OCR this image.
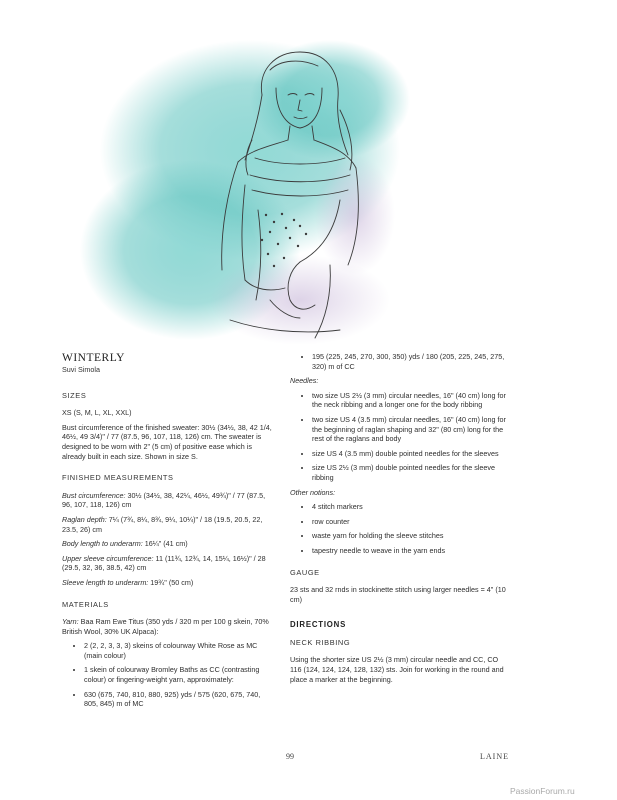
WINTERLY
Suvi Simola
SIZES

XS (S, M, L, XL, XXL)

Bust circumference of the finished sweater: 30½ (34½, 38, 42 1/4, 46½, 49 3/4)" / 77 (87.5, 96, 107, 118, 126) cm. The sweater is designed to be worn with 2" (5 cm) of positive ease which is already built in each size. Shown in size S.

FINISHED MEASUREMENTS

Bust circumference: 30½ (34½, 38, 42¼, 46½, 49¾)" / 77 (87.5, 96, 107, 118, 126) cm

Raglan depth: 7¼ (7¾, 8¼, 8¾, 9¼, 10¼)" / 18 (19.5, 20.5, 22, 23.5, 26) cm

Body length to underarm: 16¼" (41 cm)

Upper sleeve circumference: 11 (11¾, 12¾, 14, 15¼, 16½)" / 28 (29.5, 32, 36, 38.5, 42) cm

Sleeve length to underarm: 19¾" (50 cm)

MATERIALS

Yarn: Baa Ram Ewe Titus (350 yds / 320 m per 100 g skein, 70% British Wool, 30% UK Alpaca):

• 2 (2, 2, 3, 3, 3) skeins of colourway White Rose as MC (main colour)
• 1 skein of colourway Bromley Baths as CC (contrasting colour) or fingering-weight yarn, approximately:
• 630 (675, 740, 810, 880, 925) yds / 575 (620, 675, 740, 805, 845) m of MC
• 195 (225, 245, 270, 300, 350) yds / 180 (205, 225, 245, 275, 320) m of CC

Needles:

• two size US 2½ (3 mm) circular needles, 16" (40 cm) long for the neck ribbing and a longer one for the body ribbing
• two size US 4 (3.5 mm) circular needles, 16" (40 cm) long for the beginning of raglan shaping and 32" (80 cm) long for the rest of the raglans and body
• size US 4 (3.5 mm) double pointed needles for the sleeves
• size US 2½ (3 mm) double pointed needles for the sleeve ribbing

Other notions:

• 4 stitch markers
• row counter
• waste yarn for holding the sleeve stitches
• tapestry needle to weave in the yarn ends
GAUGE

23 sts and 32 rnds in stockinette stitch using larger needles = 4" (10 cm)

DIRECTIONS
NECK RIBBING

Using the shorter size US 2½ (3 mm) circular needle and CC, CO 116 (124, 124, 124, 128, 132) sts. Join for working in the round and place a marker at the beginning.

99	LAINE
PassionForum.ru
